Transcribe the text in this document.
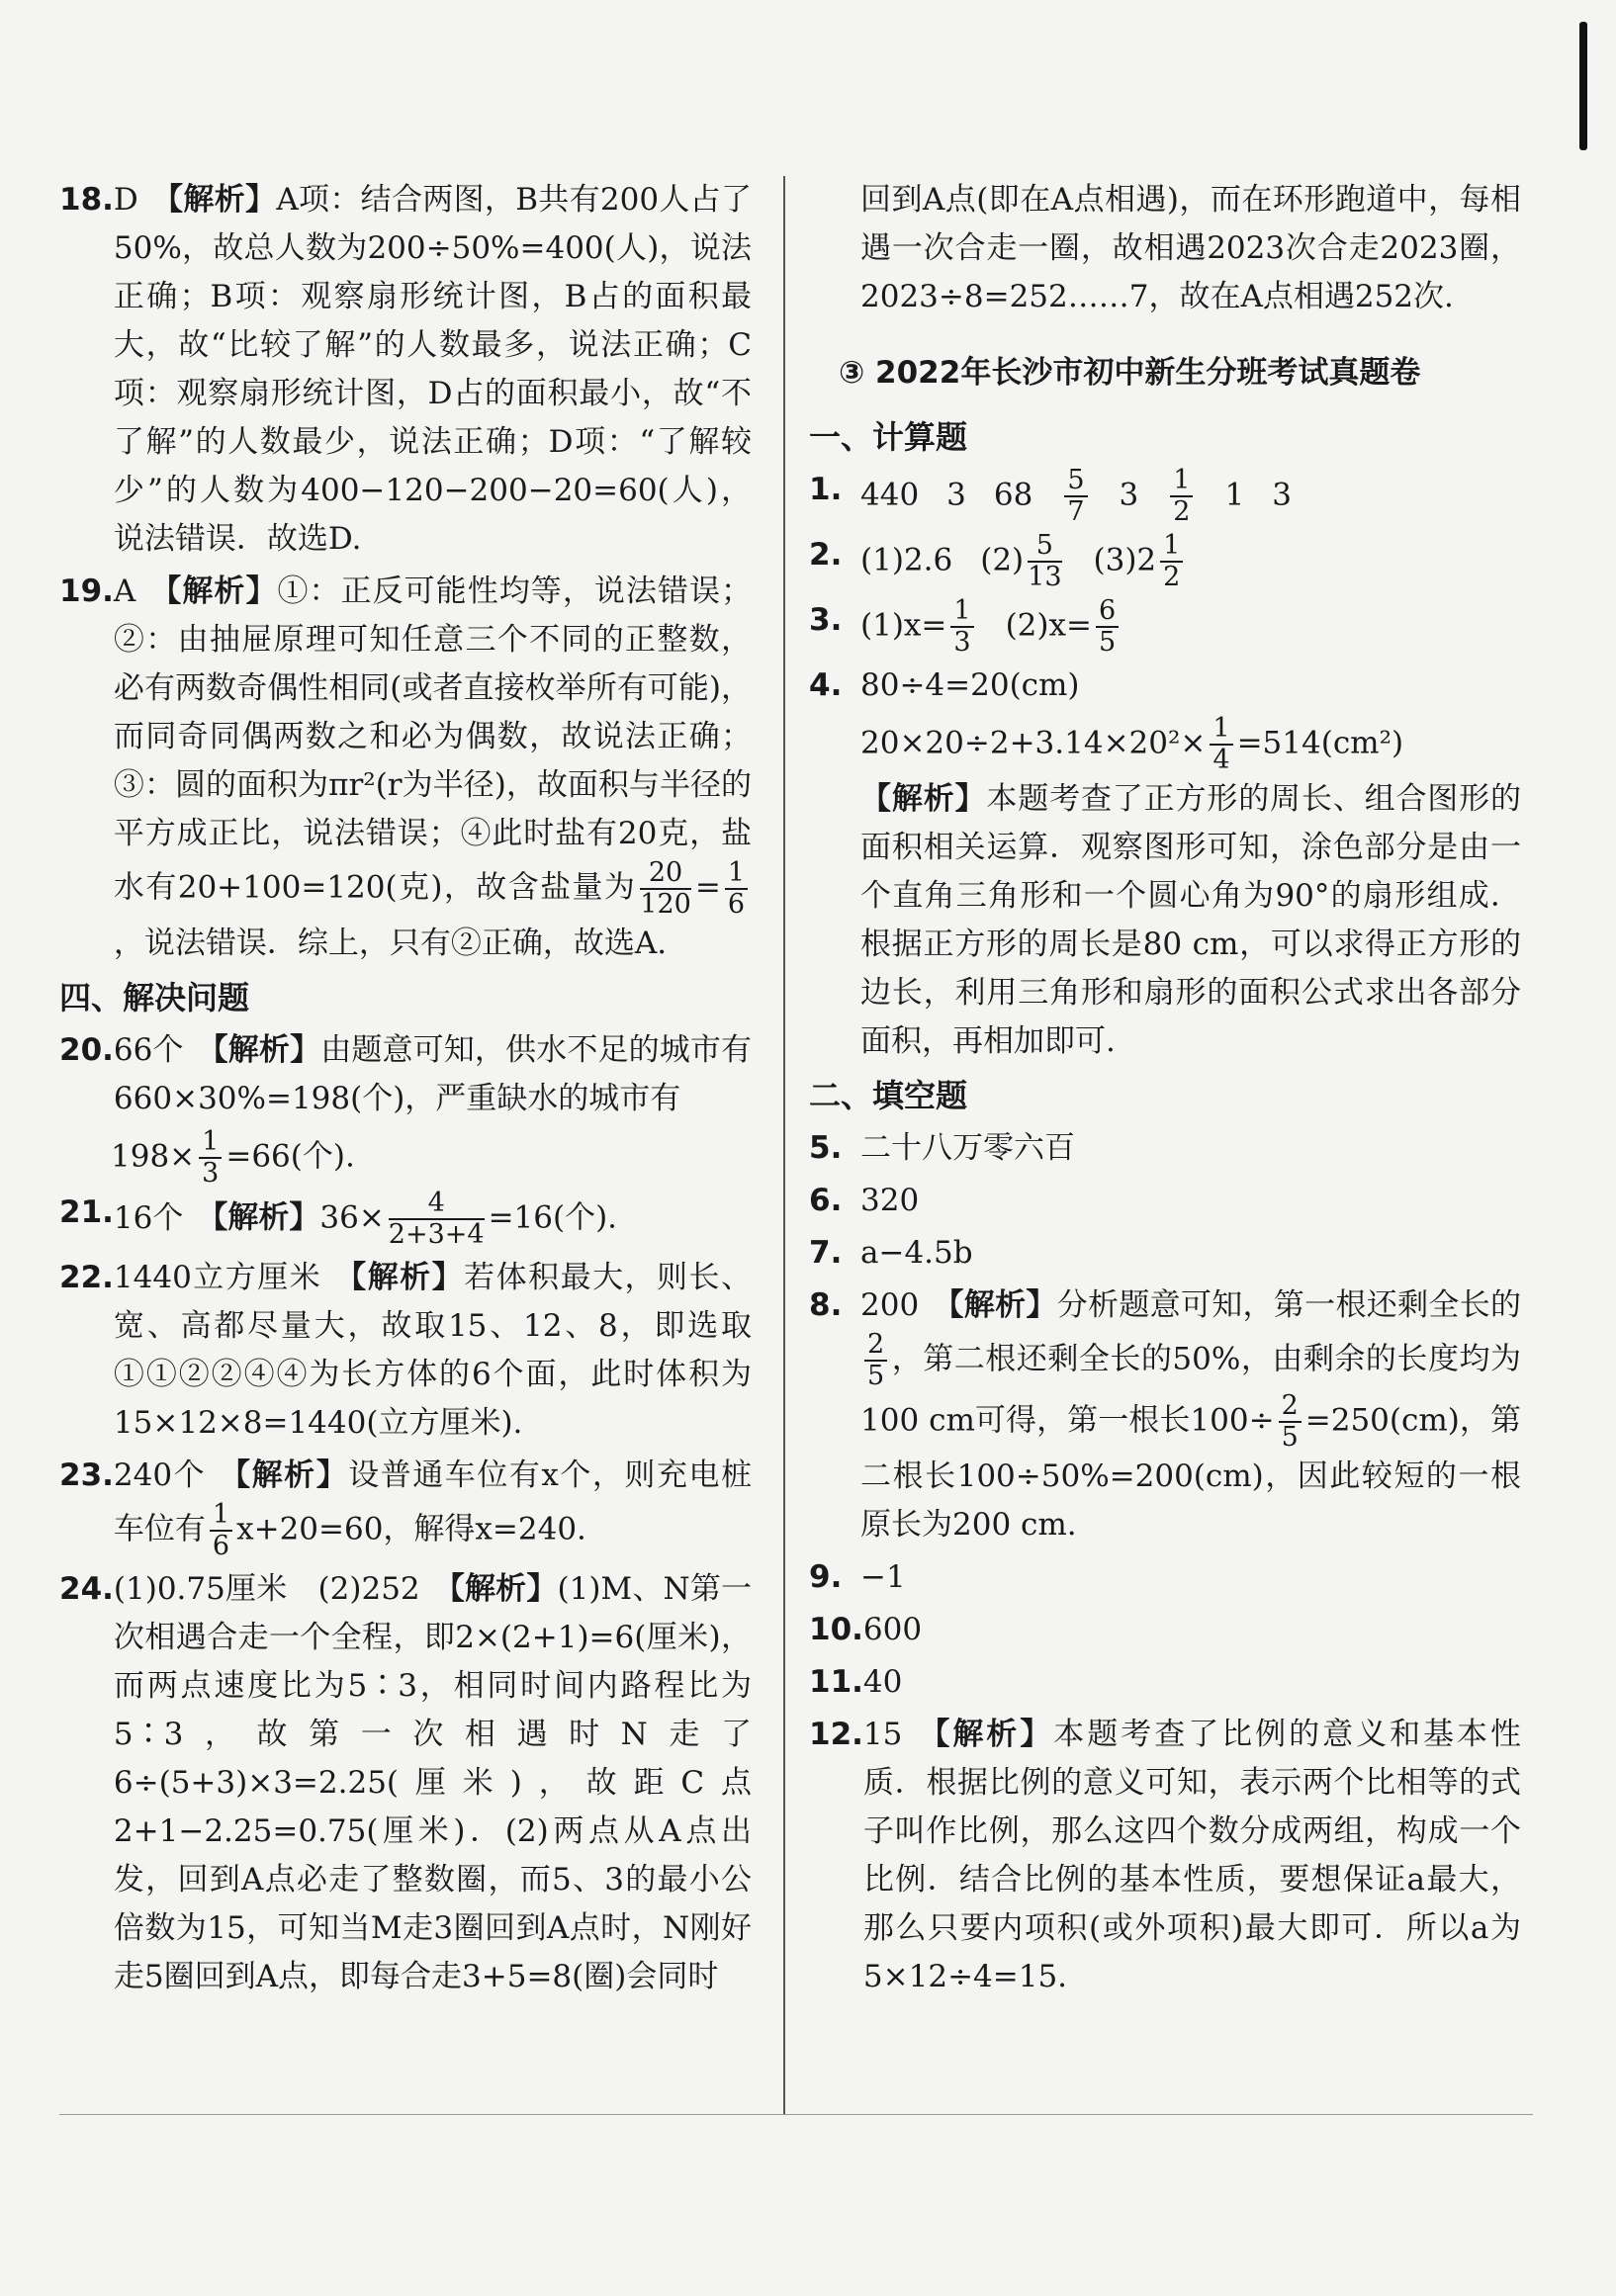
18. D 【解析】A项：结合两图，B共有200人占了50%，故总人数为200÷50%=400(人)，说法正确；B项：观察扇形统计图，B占的面积最大，故“比较了解”的人数最多，说法正确；C项：观察扇形统计图，D占的面积最小，故“不了解”的人数最少，说法正确；D项：“了解较少”的人数为400−120−200−20=60(人)，说法错误．故选D.
19. A 【解析】①：正反可能性均等，说法错误；②：由抽屉原理可知任意三个不同的正整数，必有两数奇偶性相同(或者直接枚举所有可能)，而同奇同偶两数之和必为偶数，故说法正确；③：圆的面积为πr²(r为半径)，故面积与半径的平方成正比，说法错误；④此时盐有20克，盐水有20+100=120(克)，故含盐量为 $\frac{20}{120} = \frac{1}{6}$
，说法错误．综上，只有②正确，故选A.
四、解决问题
20. 66个 【解析】由题意可知，供水不足的城市有660×30%=198(个)，严重缺水的城市有
$198\times \frac{1}{3} =66$(个).
21. 16个 【解析】$36\times \frac{4}{2+3+4} =16$(个).
22. 1440立方厘米 【解析】若体积最大，则长、宽、高都尽量大，故取15、12、8，即选取①①②②④④为长方体的6个面，此时体积为15×12×8=1440(立方厘米).
23. 240个 【解析】设普通车位有x个，则充电桩车位有 $\frac{1}{6} x+20=60$，解得x=240.
24. (1)0.75厘米　(2)252 【解析】(1)M、N第一次相遇合走一个全程，即2×(2+1)=6(厘米)，而两点速度比为5∶3，相同时间内路程比为5∶3，故第一次相遇时N走了6÷(5+3)×3=2.25(厘米)，故距C点2+1−2.25=0.75(厘米)．(2)两点从A点出发，回到A点必走了整数圈，而5、3的最小公倍数为15，可知当M走3圈回到A点时，N刚好走5圈回到A点，即每合走3+5=8(圈)会同时
回到A点(即在A点相遇)，而在环形跑道中，每相遇一次合走一圈，故相遇2023次合走2023圈，2023÷8=252……7，故在A点相遇252次.
③ 2022年长沙市初中新生分班考试真题卷
一、计算题
1. 440 3 $68 \frac{5}{7} 3 \frac{1}{2} 1$ 3
2. (1)2.6 $(2) \frac{5}{13} (3)2 \frac{1}{2}$
3. $(1)x= \frac{1}{3} (2)x= \frac{6}{5}$
4. 80÷4=20(cm)
$20\times 20\div 2+3.14\times 20^2\times \frac{1}{4} =514(cm^2)$
【解析】本题考查了正方形的周长、组合图形的面积相关运算．观察图形可知，涂色部分是由一个直角三角形和一个圆心角为90°的扇形组成．根据正方形的周长是80 cm，可以求得正方形的边长，利用三角形和扇形的面积公式求出各部分面积，再相加即可.
二、填空题
5. 二十八万零六百
6. 320
7. a−4.5b
8. 200 【解析】分析题意可知，第一根还剩全长的
$\frac{2}{5}$ ，第二根还剩全长的50%，由剩余的长度均为100 cm可得，第一根长$100\div \frac{2}{5} =250(cm)$，第二根长100÷50%=200(cm)，因此较短的一根原长为200 cm.
9. −1
10. 600
11. 40
12. 15 【解析】本题考查了比例的意义和基本性质．根据比例的意义可知，表示两个比相等的式子叫作比例，那么这四个数分成两组，构成一个比例．结合比例的基本性质，要想保证a最大，那么只要内项积(或外项积)最大即可．所以a为5×12÷4=15.
